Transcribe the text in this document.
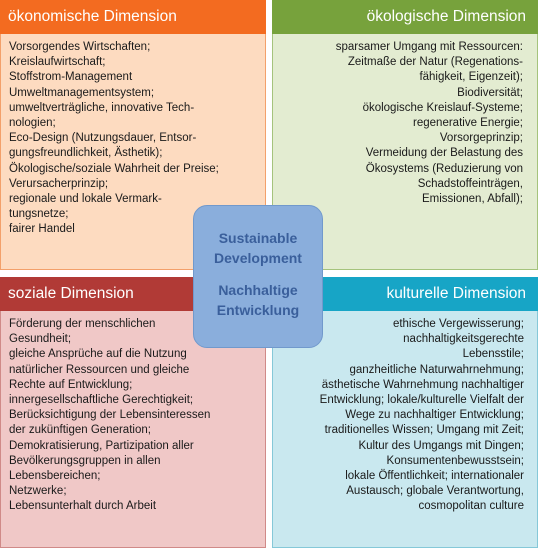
ökonomische Dimension
Vorsorgendes Wirtschaften;
Kreislaufwirtschaft;
Stoffstrom-Management
Umweltmanagementsystem;
umweltverträgliche, innovative Tech-
nologien;
Eco-Design (Nutzungsdauer, Entsor-
gungsfreundlichkeit, Ästhetik);
Ökologische/soziale Wahrheit der Preise;
Verursacherprinzip;
regionale und lokale Vermark-
tungsnetze;
fairer Handel
ökologische Dimension
sparsamer Umgang mit Ressourcen:
Zeitmaße der Natur (Regenations-
fähigkeit, Eigenzeit);
Biodiversität;
ökologische Kreislauf-Systeme;
regenerative Energie;
Vorsorgeprinzip;
Vermeidung der Belastung des
Ökosystems (Reduzierung von
Schadstoffeinträgen,
Emissionen, Abfall);
soziale Dimension
Förderung der menschlichen
Gesundheit;
gleiche Ansprüche auf die Nutzung
natürlicher Ressourcen und gleiche
Rechte auf Entwicklung;
innergesellschaftliche Gerechtigkeit;
Berücksichtigung der Lebensinteressen
der zukünftigen Generation;
Demokratisierung, Partizipation aller
Bevölkerungsgruppen in allen
Lebensbereichen;
Netzwerke;
Lebensunterhalt durch Arbeit
kulturelle Dimension
ethische Vergewisserung;
nachhaltigkeitsgerechte
Lebensstile;
ganzheitliche Naturwahrnehmung;
ästhetische Wahrnehmung nachhaltiger
Entwicklung; lokale/kulturelle Vielfalt der
Wege zu nachhaltiger Entwicklung;
traditionelles Wissen; Umgang mit Zeit;
Kultur des Umgangs mit Dingen;
Konsumentenbewusstsein;
lokale Öffentlichkeit; internationaler
Austausch; globale Verantwortung,
cosmopolitan culture
Sustainable
Development
Nachhaltige
Entwicklung
